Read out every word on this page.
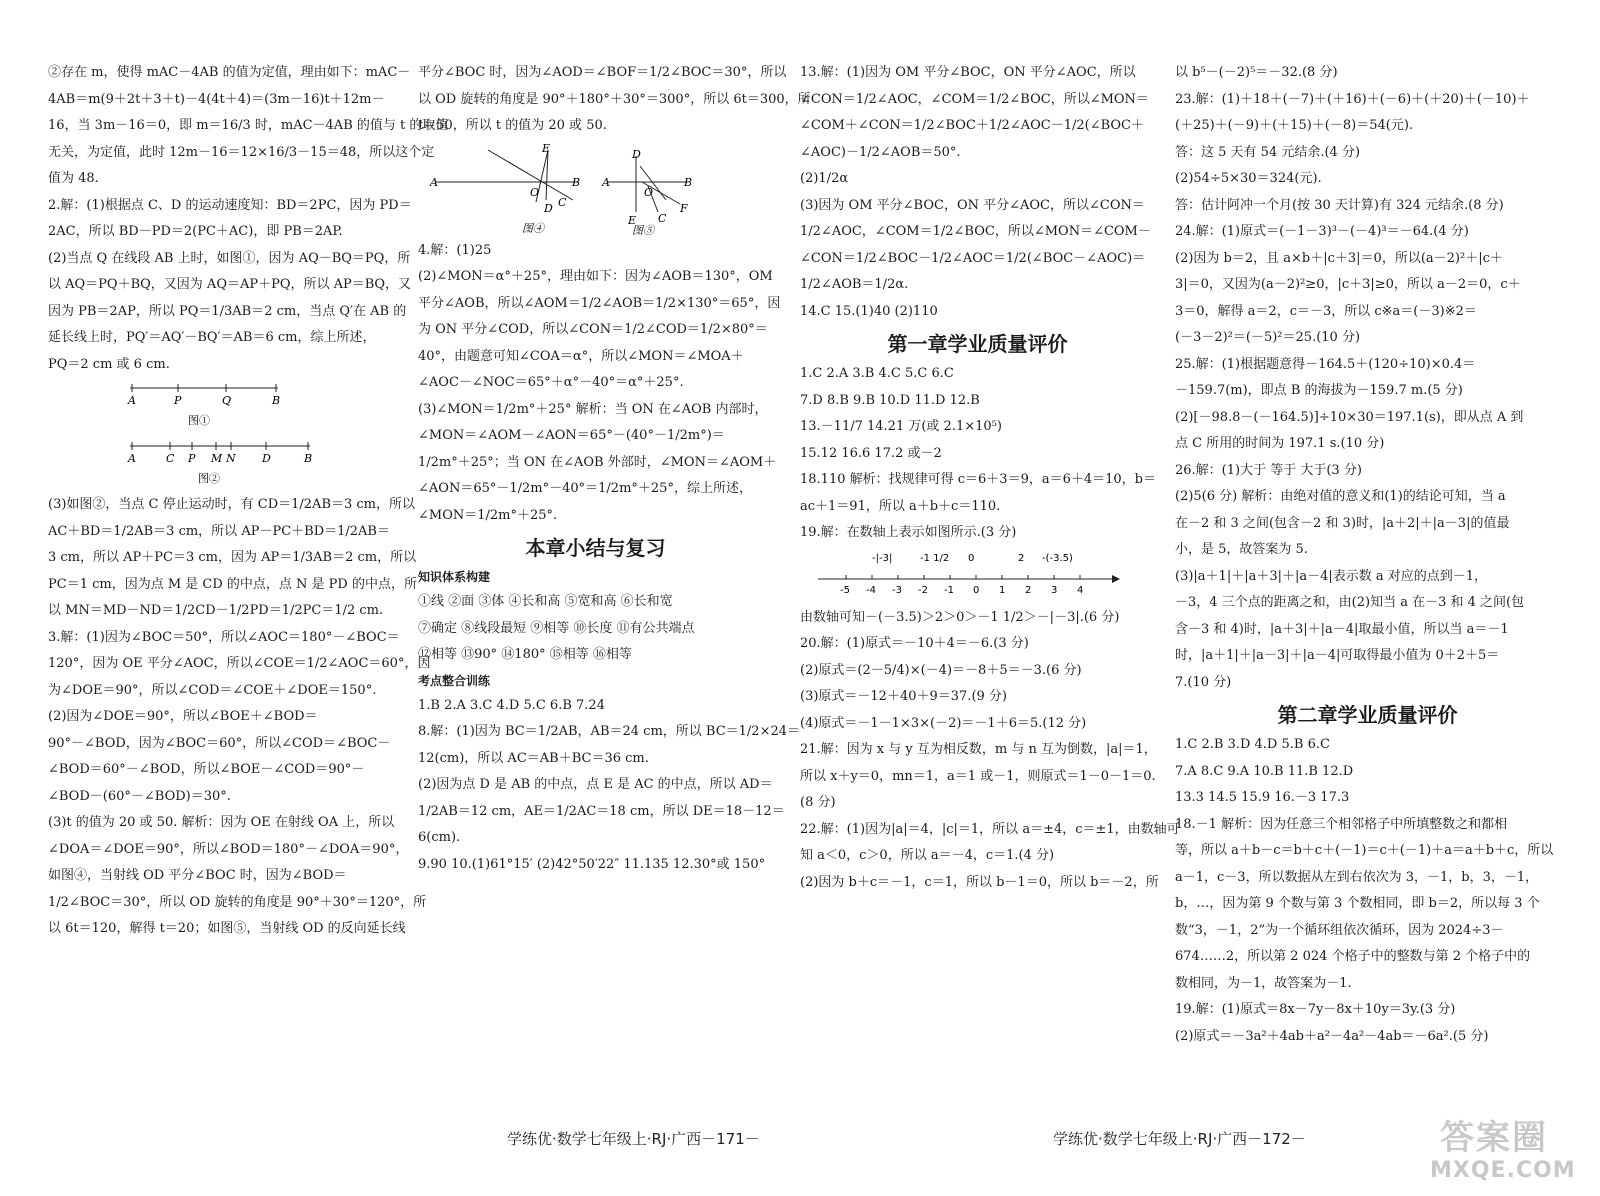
②存在 m，使得 mAC－4AB 的值为定值，理由如下：mAC－

4AB＝m(9＋2t＋3＋t)－4(4t＋4)＝(3m－16)t＋12m－

16，当 3m－16＝0，即 m＝16/3 时，mAC－4AB 的值与 t 的取值

无关，为定值，此时 12m－16＝12×16/3－15＝48，所以这个定

值为 48.

2.解：(1)根据点 C、D 的运动速度知：BD＝2PC，因为 PD＝

2AC，所以 BD－PD＝2(PC＋AC)，即 PB＝2AP.

(2)当点 Q 在线段 AB 上时，如图①，因为 AQ－BQ＝PQ，所

以 AQ＝PQ＋BQ，又因为 AQ＝AP＋PQ，所以 AP＝BQ，又

因为 PB＝2AP，所以 PQ＝1/3AB＝2 cm，当点 Q′在 AB 的

延长线上时，PQ′＝AQ′－BQ′＝AB＝6 cm，综上所述，

PQ＝2 cm 或 6 cm.

A	P	Q	B
图①
A	C P M N D	B
图②

(3)如图②，当点 C 停止运动时，有 CD＝1/2AB＝3 cm，所以

AC＋BD＝1/2AB＝3 cm，所以 AP－PC＋BD＝1/2AB＝

3 cm，所以 AP＋PC＝3 cm，因为 AP＝1/3AB＝2 cm，所以

PC＝1 cm，因为点 M 是 CD 的中点，点 N 是 PD 的中点，所

以 MN＝MD－ND＝1/2CD－1/2PD＝1/2PC＝1/2 cm.

3.解：(1)因为∠BOC＝50°，所以∠AOC＝180°－∠BOC＝

120°，因为 OE 平分∠AOC，所以∠COE＝1/2∠AOC＝60°，因

为∠DOE＝90°，所以∠COD＝∠COE＋∠DOE＝150°.

(2)因为∠DOE＝90°，所以∠BOE＋∠BOD＝

90°－∠BOD，因为∠BOC＝60°，所以∠COD＝∠BOC－

∠BOD＝60°－∠BOD，所以∠BOE－∠COD＝90°－

∠BOD－(60°－∠BOD)＝30°.

(3)t 的值为 20 或 50. 解析：因为 OE 在射线 OA 上，所以

∠DOA＝∠DOE＝90°，所以∠BOD＝180°－∠DOA＝90°，

如图④，当射线 OD 平分∠BOC 时，因为∠BOD＝

1/2∠BOC＝30°，所以 OD 旋转的角度是 90°＋30°＝120°，所

以 6t＝120，解得 t＝20；如图⑤，当射线 OD 的反向延长线

平分∠BOC 时，因为∠AOD＝∠BOF＝1/2∠BOC＝30°，所以

以 OD 旋转的角度是 90°＋180°＋30°＝300°，所以 6t＝300，所

t＝50，所以 t 的值为 20 或 50.

E
A
O
B
D C
图④
D
A
O
B
E C
F
图⑤

4.解：(1)25

(2)∠MON＝α°＋25°，理由如下：因为∠AOB＝130°，OM

平分∠AOB，所以∠AOM＝1/2∠AOB＝1/2×130°＝65°，因

为 ON 平分∠COD，所以∠CON＝1/2∠COD＝1/2×80°＝

40°，由题意可知∠COA＝α°，所以∠MON＝∠MOA＋

∠AOC－∠NOC＝65°＋α°－40°＝α°＋25°.

(3)∠MON＝1/2m°＋25° 解析：当 ON 在∠AOB 内部时，

∠MON＝∠AOM－∠AON＝65°－(40°－1/2m°)＝

1/2m°＋25°；当 ON 在∠AOB 外部时，∠MON＝∠AOM＋

∠AON＝65°－1/2m°－40°＝1/2m°＋25°，综上所述，

∠MON＝1/2m°＋25°.

本章小结与复习
知识体系构建

①线 ②面 ③体 ④长和高 ⑤宽和高 ⑥长和宽

⑦确定 ⑧线段最短 ⑨相等 ⑩长度 ⑪有公共端点

⑫相等 ⑬90° ⑭180° ⑮相等 ⑯相等

考点整合训练

1.B 2.A 3.C 4.D 5.C 6.B 7.24

8.解：(1)因为 BC＝1/2AB，AB＝24 cm，所以 BC＝1/2×24＝

12(cm)，所以 AC＝AB＋BC＝36 cm.

(2)因为点 D 是 AB 的中点，点 E 是 AC 的中点，所以 AD＝

1/2AB＝12 cm，AE＝1/2AC＝18 cm，所以 DE＝18－12＝

6(cm).

9.90 10.(1)61°15′ (2)42°50′22″ 11.135 12.30°或 150°

13.解：(1)因为 OM 平分∠BOC，ON 平分∠AOC，所以

∠CON＝1/2∠AOC，∠COM＝1/2∠BOC，所以∠MON＝

∠COM＋∠CON＝1/2∠BOC＋1/2∠AOC－1/2(∠BOC＋

∠AOC)－1/2∠AOB＝50°.

(2)1/2α

(3)因为 OM 平分∠BOC，ON 平分∠AOC，所以∠CON＝

1/2∠AOC，∠COM＝1/2∠BOC，所以∠MON＝∠COM－

∠CON＝1/2∠BOC－1/2∠AOC＝1/2(∠BOC－∠AOC)＝

1/2∠AOB＝1/2α.

14.C 15.(1)40 (2)110

第一章学业质量评价

1.C 2.A 3.B 4.C 5.C 6.C

7.D 8.B 9.B 10.D 11.D 12.B

13.－11/7 14.21 万(或 2.1×10⁵)

15.12 16.6 17.2 或－2

18.110 解析：找规律可得 c＝6＋3＝9，a＝6＋4＝10，b＝

ac＋1＝91，所以 a＋b＋c＝110.

19.解：在数轴上表示如图所示.(3 分)

-|-3|	-1 1/2 0	2 -(-3.5)
-5 -4 -3 -2 -1 0 1 2 3 4

由数轴可知－(－3.5)＞2＞0＞－1 1/2＞－|－3|.(6 分)

20.解：(1)原式＝－10＋4＝－6.(3 分)

(2)原式＝(2－5/4)×(－4)＝－8＋5＝－3.(6 分)

(3)原式＝－12＋40＋9＝37.(9 分)

(4)原式＝－1－1×3×(－2)＝－1＋6＝5.(12 分)

21.解：因为 x 与 y 互为相反数，m 与 n 互为倒数，|a|＝1，

所以 x＋y＝0，mn＝1，a＝1 或－1，则原式＝1－0－1＝0.

(8 分)

22.解：(1)因为|a|＝4，|c|＝1，所以 a＝±4，c＝±1，由数轴可

知 a＜0，c＞0，所以 a＝－4，c＝1.(4 分)

(2)因为 b＋c＝－1，c＝1，所以 b－1＝0，所以 b＝－2，所

以 b⁵－(－2)⁵＝－32.(8 分)

23.解：(1)＋18＋(－7)＋(＋16)＋(－6)＋(＋20)＋(－10)＋

(＋25)＋(－9)＋(＋15)＋(－8)＝54(元).

答：这 5 天有 54 元结余.(4 分)

(2)54÷5×30＝324(元).

答：估计阿冲一个月(按 30 天计算)有 324 元结余.(8 分)

24.解：(1)原式＝(－1－3)³－(－4)³＝－64.(4 分)

(2)因为 b＝2，且 a×b＋|c＋3|＝0，所以(a－2)²＋|c＋

3|＝0，又因为(a－2)²≥0，|c＋3|≥0，所以 a－2＝0，c＋

3＝0，解得 a＝2，c＝－3，所以 c※a＝(－3)※2＝

(－3－2)²＝(－5)²＝25.(10 分)

25.解：(1)根据题意得－164.5＋(120÷10)×0.4＝

－159.7(m)，即点 B 的海拔为－159.7 m.(5 分)

(2)[－98.8－(－164.5)]÷10×30＝197.1(s)，即从点 A 到

点 C 所用的时间为 197.1 s.(10 分)

26.解：(1)大于 等于 大于(3 分)

(2)5(6 分) 解析：由绝对值的意义和(1)的结论可知，当 a

在－2 和 3 之间(包含－2 和 3)时，|a＋2|＋|a－3|的值最

小，是 5，故答案为 5.

(3)|a＋1|＋|a＋3|＋|a－4|表示数 a 对应的点到－1，

－3，4 三个点的距离之和，由(2)知当 a 在－3 和 4 之间(包

含－3 和 4)时，|a＋3|＋|a－4|取最小值，所以当 a＝－1

时，|a＋1|＋|a－3|＋|a－4|可取得最小值为 0＋2＋5＝

7.(10 分)

第二章学业质量评价

1.C 2.B 3.D 4.D 5.B 6.C

7.A 8.C 9.A 10.B 11.B 12.D

13.3 14.5 15.9 16.－3 17.3

18.－1 解析：因为任意三个相邻格子中所填整数之和都相

等，所以 a＋b－c＝b＋c＋(－1)＝c＋(－1)＋a＝a＋b＋c，所以

a－1，c－3，所以数据从左到右依次为 3，－1，b，3，－1，

b，…，因为第 9 个数与第 3 个数相同，即 b＝2，所以每 3 个

数“3，－1，2”为一个循环组依次循环，因为 2024÷3－

674……2，所以第 2 024 个格子中的整数与第 2 个格子中的

数相同，为－1，故答案为－1.

19.解：(1)原式＝8x－7y－8x＋10y＝3y.(3 分)

(2)原式＝－3a²＋4ab＋a²－4a²－4ab＝－6a².(5 分)

学练优·数学七年级上·RJ·广西－171－	学练优·数学七年级上·RJ·广西－172－	答案圈
MXQE.COM
